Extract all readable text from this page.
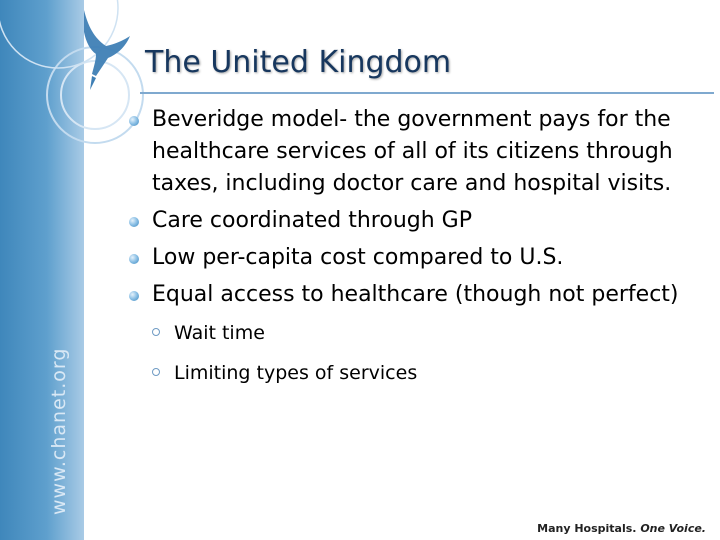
www.chanet.org
The United Kingdom
Beveridge model- the government pays for the healthcare services of all of its citizens through taxes, including doctor care and hospital visits.
Care coordinated through GP
Low per-capita cost compared to U.S.
Equal access to healthcare (though not perfect)
Wait time
Limiting types of services
Many Hospitals. One Voice.
